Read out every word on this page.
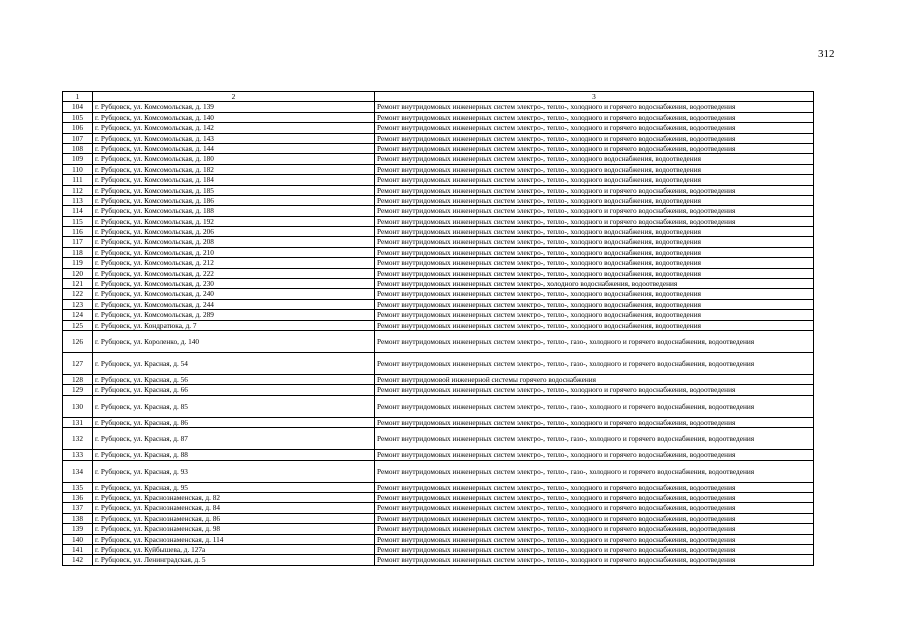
312
1	2	3
104	г. Рубцовск, ул. Комсомольская, д. 139	Ремонт внутридомовых инженерных систем электро-, тепло-, холодного и горячего водоснабжения, водоотведения
105	г. Рубцовск, ул. Комсомольская, д. 140	Ремонт внутридомовых инженерных систем электро-, тепло-, холодного и горячего водоснабжения, водоотведения
106	г. Рубцовск, ул. Комсомольская, д. 142	Ремонт внутридомовых инженерных систем электро-, тепло-, холодного и горячего водоснабжения, водоотведения
107	г. Рубцовск, ул. Комсомольская, д. 143	Ремонт внутридомовых инженерных систем электро-, тепло-, холодного и горячего водоснабжения, водоотведения
108	г. Рубцовск, ул. Комсомольская, д. 144	Ремонт внутридомовых инженерных систем электро-, тепло-, холодного и горячего водоснабжения, водоотведения
109	г. Рубцовск, ул. Комсомольская, д. 180	Ремонт внутридомовых инженерных систем электро-, тепло-, холодного водоснабжения, водоотведения
110	г. Рубцовск, ул. Комсомольская, д. 182	Ремонт внутридомовых инженерных систем электро-, тепло-, холодного водоснабжения, водоотведения
111	г. Рубцовск, ул. Комсомольская, д. 184	Ремонт внутридомовых инженерных систем электро-, тепло-, холодного водоснабжения, водоотведения
112	г. Рубцовск, ул. Комсомольская, д. 185	Ремонт внутридомовых инженерных систем электро-, тепло-, холодного и горячего водоснабжения, водоотведения
113	г. Рубцовск, ул. Комсомольская, д. 186	Ремонт внутридомовых инженерных систем электро-, тепло-, холодного водоснабжения, водоотведения
114	г. Рубцовск, ул. Комсомольская, д. 188	Ремонт внутридомовых инженерных систем электро-, тепло-, холодного и горячего водоснабжения, водоотведения
115	г. Рубцовск, ул. Комсомольская, д. 192	Ремонт внутридомовых инженерных систем электро-, тепло-, холодного и горячего водоснабжения, водоотведения
116	г. Рубцовск, ул. Комсомольская, д. 206	Ремонт внутридомовых инженерных систем электро-, тепло-, холодного водоснабжения, водоотведения
117	г. Рубцовск, ул. Комсомольская, д. 208	Ремонт внутридомовых инженерных систем электро-, тепло-, холодного водоснабжения, водоотведения
118	г. Рубцовск, ул. Комсомольская, д. 210	Ремонт внутридомовых инженерных систем электро-, тепло-, холодного водоснабжения, водоотведения
119	г. Рубцовск, ул. Комсомольская, д. 212	Ремонт внутридомовых инженерных систем электро-, тепло-, холодного водоснабжения, водоотведения
120	г. Рубцовск, ул. Комсомольская, д. 222	Ремонт внутридомовых инженерных систем электро-, тепло-, холодного водоснабжения, водоотведения
121	г. Рубцовск, ул. Комсомольская, д. 230	Ремонт внутридомовых инженерных систем электро-, холодного водоснабжения, водоотведения
122	г. Рубцовск, ул. Комсомольская, д. 240	Ремонт внутридомовых инженерных систем электро-, тепло-, холодного водоснабжения, водоотведения
123	г. Рубцовск, ул. Комсомольская, д. 244	Ремонт внутридомовых инженерных систем электро-, тепло-, холодного водоснабжения, водоотведения
124	г. Рубцовск, ул. Комсомольская, д. 289	Ремонт внутридомовых инженерных систем электро-, тепло-, холодного водоснабжения, водоотведения
125	г. Рубцовск, ул. Кондратюка, д. 7	Ремонт внутридомовых инженерных систем электро-, тепло-, холодного водоснабжения, водоотведения
126	г. Рубцовск, ул. Короленко, д. 140	Ремонт внутридомовых инженерных систем электро-, тепло-, газо-, холодного и горячего водоснабжения, водоотведения
127	г. Рубцовск, ул. Красная, д. 54	Ремонт внутридомовых инженерных систем электро-, тепло-, газо-, холодного и горячего водоснабжения, водоотведения
128	г. Рубцовск, ул. Красная, д. 56	Ремонт внутридомовой инженерной системы горячего водоснабжения
129	г. Рубцовск, ул. Красная, д. 66	Ремонт внутридомовых инженерных систем электро-, тепло-, холодного и горячего водоснабжения, водоотведения
130	г. Рубцовск, ул. Красная, д. 85	Ремонт внутридомовых инженерных систем электро-, тепло-, газо-, холодного и горячего водоснабжения, водоотведения
131	г. Рубцовск, ул. Красная, д. 86	Ремонт внутридомовых инженерных систем электро-, тепло-, холодного и горячего водоснабжения, водоотведения
132	г. Рубцовск, ул. Красная, д. 87	Ремонт внутридомовых инженерных систем электро-, тепло-, газо-, холодного и горячего водоснабжения, водоотведения
133	г. Рубцовск, ул. Красная, д. 88	Ремонт внутридомовых инженерных систем электро-, тепло-, холодного и горячего водоснабжения, водоотведения
134	г. Рубцовск, ул. Красная, д. 93	Ремонт внутридомовых инженерных систем электро-, тепло-, газо-, холодного и горячего водоснабжения, водоотведения
135	г. Рубцовск, ул. Красная, д. 95	Ремонт внутридомовых инженерных систем электро-, тепло-, холодного и горячего водоснабжения, водоотведения
136	г. Рубцовск, ул. Краснознаменская, д. 82	Ремонт внутридомовых инженерных систем электро-, тепло-, холодного и горячего водоснабжения, водоотведения
137	г. Рубцовск, ул. Краснознаменская, д. 84	Ремонт внутридомовых инженерных систем электро-, тепло-, холодного и горячего водоснабжения, водоотведения
138	г. Рубцовск, ул. Краснознаменская, д. 86	Ремонт внутридомовых инженерных систем электро-, тепло-, холодного и горячего водоснабжения, водоотведения
139	г. Рубцовск, ул. Краснознаменская, д. 98	Ремонт внутридомовых инженерных систем электро-, тепло-, холодного и горячего водоснабжения, водоотведения
140	г. Рубцовск, ул. Краснознаменская, д. 114	Ремонт внутридомовых инженерных систем электро-, тепло-, холодного и горячего водоснабжения, водоотведения
141	г. Рубцовск, ул. Куйбышева, д. 127а	Ремонт внутридомовых инженерных систем электро-, тепло-, холодного и горячего водоснабжения, водоотведения
142	г. Рубцовск, ул. Ленинградская, д. 5	Ремонт внутридомовых инженерных систем электро-, тепло-, холодного и горячего водоснабжения, водоотведения
